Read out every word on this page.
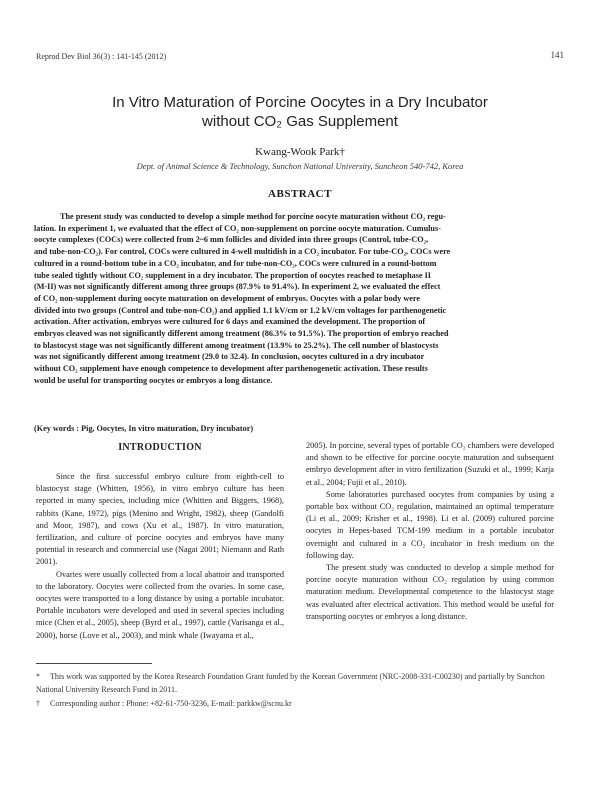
Reprod Dev Biol 36(3) : 141-145 (2012)	141
In Vitro Maturation of Porcine Oocytes in a Dry Incubator
without CO₂ Gas Supplement
Kwang-Wook Park†
Dept. of Animal Science & Technology, Sunchon National University, Suncheon 540-742, Korea
ABSTRACT
The present study was conducted to develop a simple method for porcine oocyte maturation without CO₂ regu-
lation. In experiment 1, we evaluated that the effect of CO₂ non-supplement on porcine oocyte maturation. Cumulus-
oocyte complexes (COCs) were collected from 2~6 mm follicles and divided into three groups (Control, tube-CO₂,
and tube-non-CO₂). For control, COCs were cultured in 4-well multidish in a CO₂ incubator. For tube-CO₂, COCs were
cultured in a round-bottom tube in a CO₂ incubator, and for tube-non-CO₂, COCs were cultured in a round-bottom
tube sealed tightly without CO₂ supplement in a dry incubator. The proportion of oocytes reached to metaphase II
(M-II) was not significantly different among three groups (87.9% to 91.4%). In experiment 2, we evaluated the effect
of CO₂ non-supplement during oocyte maturation on development of embryos. Oocytes with a polar body were
divided into two groups (Control and tube-non-CO₂) and applied 1.1 kV/cm or 1.2 kV/cm voltages for parthenogenetic
activation. After activation, embryos were cultured for 6 days and examined the development. The proportion of
embryos cleaved was not significantly different among treatment (86.3% to 91.5%). The proportion of embryo reached
to blastocyst stage was not significantly different among treatment (13.9% to 25.2%). The cell number of blastocysts
was not significantly different among treatment (29.0 to 32.4). In conclusion, oocytes cultured in a dry incubator
without CO₂ supplement have enough competence to development after parthenogenetic activation. These results
would be useful for transporting oocytes or embryos a long distance.
(Key words : Pig, Oocytes, In vitro maturation, Dry incubator)
INTRODUCTION

Since the first successful embryo culture from eighth-cell to blastocyst stage (Whitten, 1956), in vitro embryo culture has been reported in many species, including mice (Whitten and Biggers, 1968), rabbits (Kane, 1972), pigs (Menino and Wright, 1982), sheep (Gandolfi and Moor, 1987), and cows (Xu et al., 1987). In vitro maturation, fertilization, and culture of porcine oocytes and embryos have many potential in research and commercial use (Nagai 2001; Niemann and Rath 2001).

Ovaries were usually collected from a local abattoir and transported to the laboratory. Oocytes were collected from the ovaries. In some case, oocytes were transported to a long distance by using a portable incubator. Portable incubators were developed and used in several species including mice (Chen et al., 2005), sheep (Byrd et al., 1997), cattle (Varisanga et al., 2000), horse (Love et al., 2003), and mink whale (Iwayama et al.,

2005). In porcine, several types of portable CO₂ chambers were developed and shown to be effective for porcine oocyte maturation and subsequent embryo development after in vitro fertilization (Suzuki et al., 1999; Karja et al., 2004; Fujii et al., 2010).

Some laboratories purchased oocytes from companies by using a portable box without CO₂ regulation, maintained an optimal temperature (Li et al., 2009; Krisher et al., 1998). Li et al. (2009) cultured porcine oocytes in Hepes-based TCM-199 medium in a portable incubator overnight and cultured in a CO₂ incubator in fresh medium on the following day.

The present study was conducted to develop a simple method for porcine oocyte maturation without CO₂ regulation by using common maturation medium. Developmental competence to the blastocyst stage was evaluated after electrical activation. This method would be useful for transporting oocytes or embryos a long distance.

* This work was supported by the Korea Research Foundation Grant funded by the Korean Government (NRC-2008-331-C00230) and partially by Sunchon National University Research Fund in 2011.
† Corresponding author : Phone: +82-61-750-3236, E-mail: parkkw@scnu.kr
